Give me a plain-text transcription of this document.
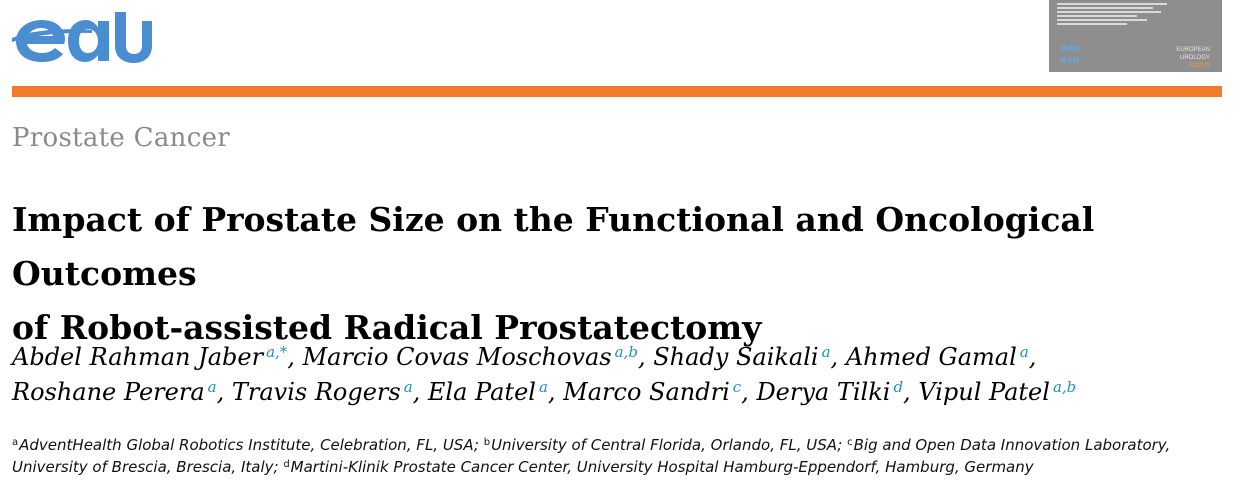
eau
esu
EUROPEAN
UROLOGY
FOCUS
Prostate Cancer
Impact of Prostate Size on the Functional and Oncological Outcomes
of Robot-assisted Radical Prostatectomy
Abdel Rahman Jaber $^{a,*}$, Marcio Covas Moschovas $^{a,b}$, Shady Saikali $^a$, Ahmed Gamal $^a$,
Roshane Perera $^a$, Travis Rogers $^a$, Ela Patel $^a$, Marco Sandri $^c$, Derya Tilki $^d$, Vipul Patel $^{a,b}$
$^a$AdventHealth Global Robotics Institute, Celebration, FL, USA; $^b$University of Central Florida, Orlando, FL, USA; $^c$Big and Open Data Innovation Laboratory, University of Brescia, Brescia, Italy; $^d$Martini-Klinik Prostate Cancer Center, University Hospital Hamburg-Eppendorf, Hamburg, Germany
